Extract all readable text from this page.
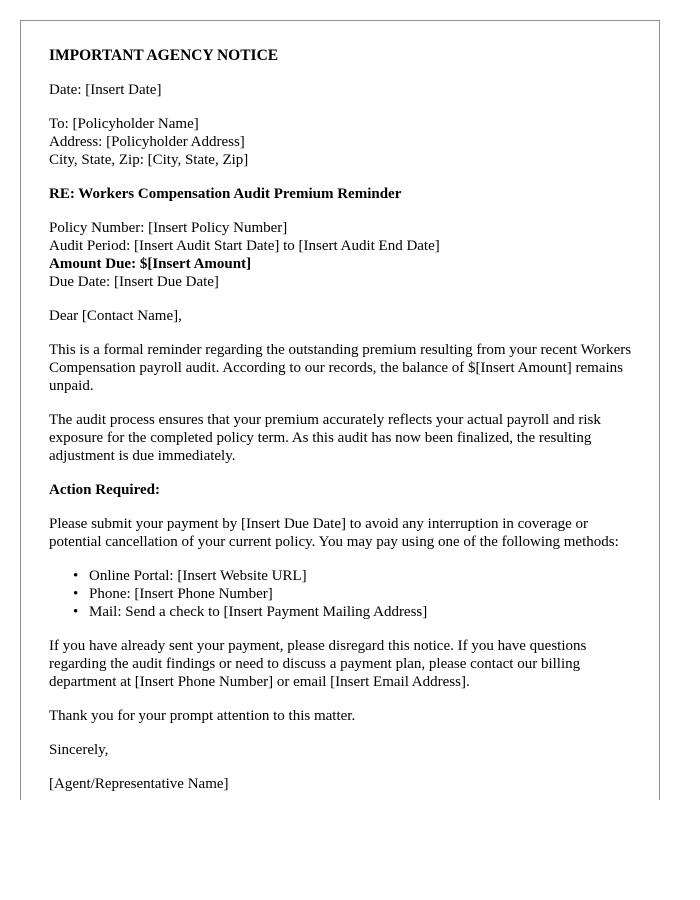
IMPORTANT AGENCY NOTICE

Date: [Insert Date]

To: [Policyholder Name]
Address: [Policyholder Address]
City, State, Zip: [City, State, Zip]

RE: Workers Compensation Audit Premium Reminder

Policy Number: [Insert Policy Number]
Audit Period: [Insert Audit Start Date] to [Insert Audit End Date]
Amount Due: $[Insert Amount]
Due Date: [Insert Due Date]

Dear [Contact Name],

This is a formal reminder regarding the outstanding premium resulting from your recent Workers Compensation payroll audit. According to our records, the balance of $[Insert Amount] remains unpaid.

The audit process ensures that your premium accurately reflects your actual payroll and risk exposure for the completed policy term. As this audit has now been finalized, the resulting adjustment is due immediately.

Action Required:

Please submit your payment by [Insert Due Date] to avoid any interruption in coverage or potential cancellation of your current policy. You may pay using one of the following methods:

• Online Portal: [Insert Website URL]
• Phone: [Insert Phone Number]
• Mail: Send a check to [Insert Payment Mailing Address]

If you have already sent your payment, please disregard this notice. If you have questions regarding the audit findings or need to discuss a payment plan, please contact our billing department at [Insert Phone Number] or email [Insert Email Address].

Thank you for your prompt attention to this matter.

Sincerely,

[Agent/Representative Name]
